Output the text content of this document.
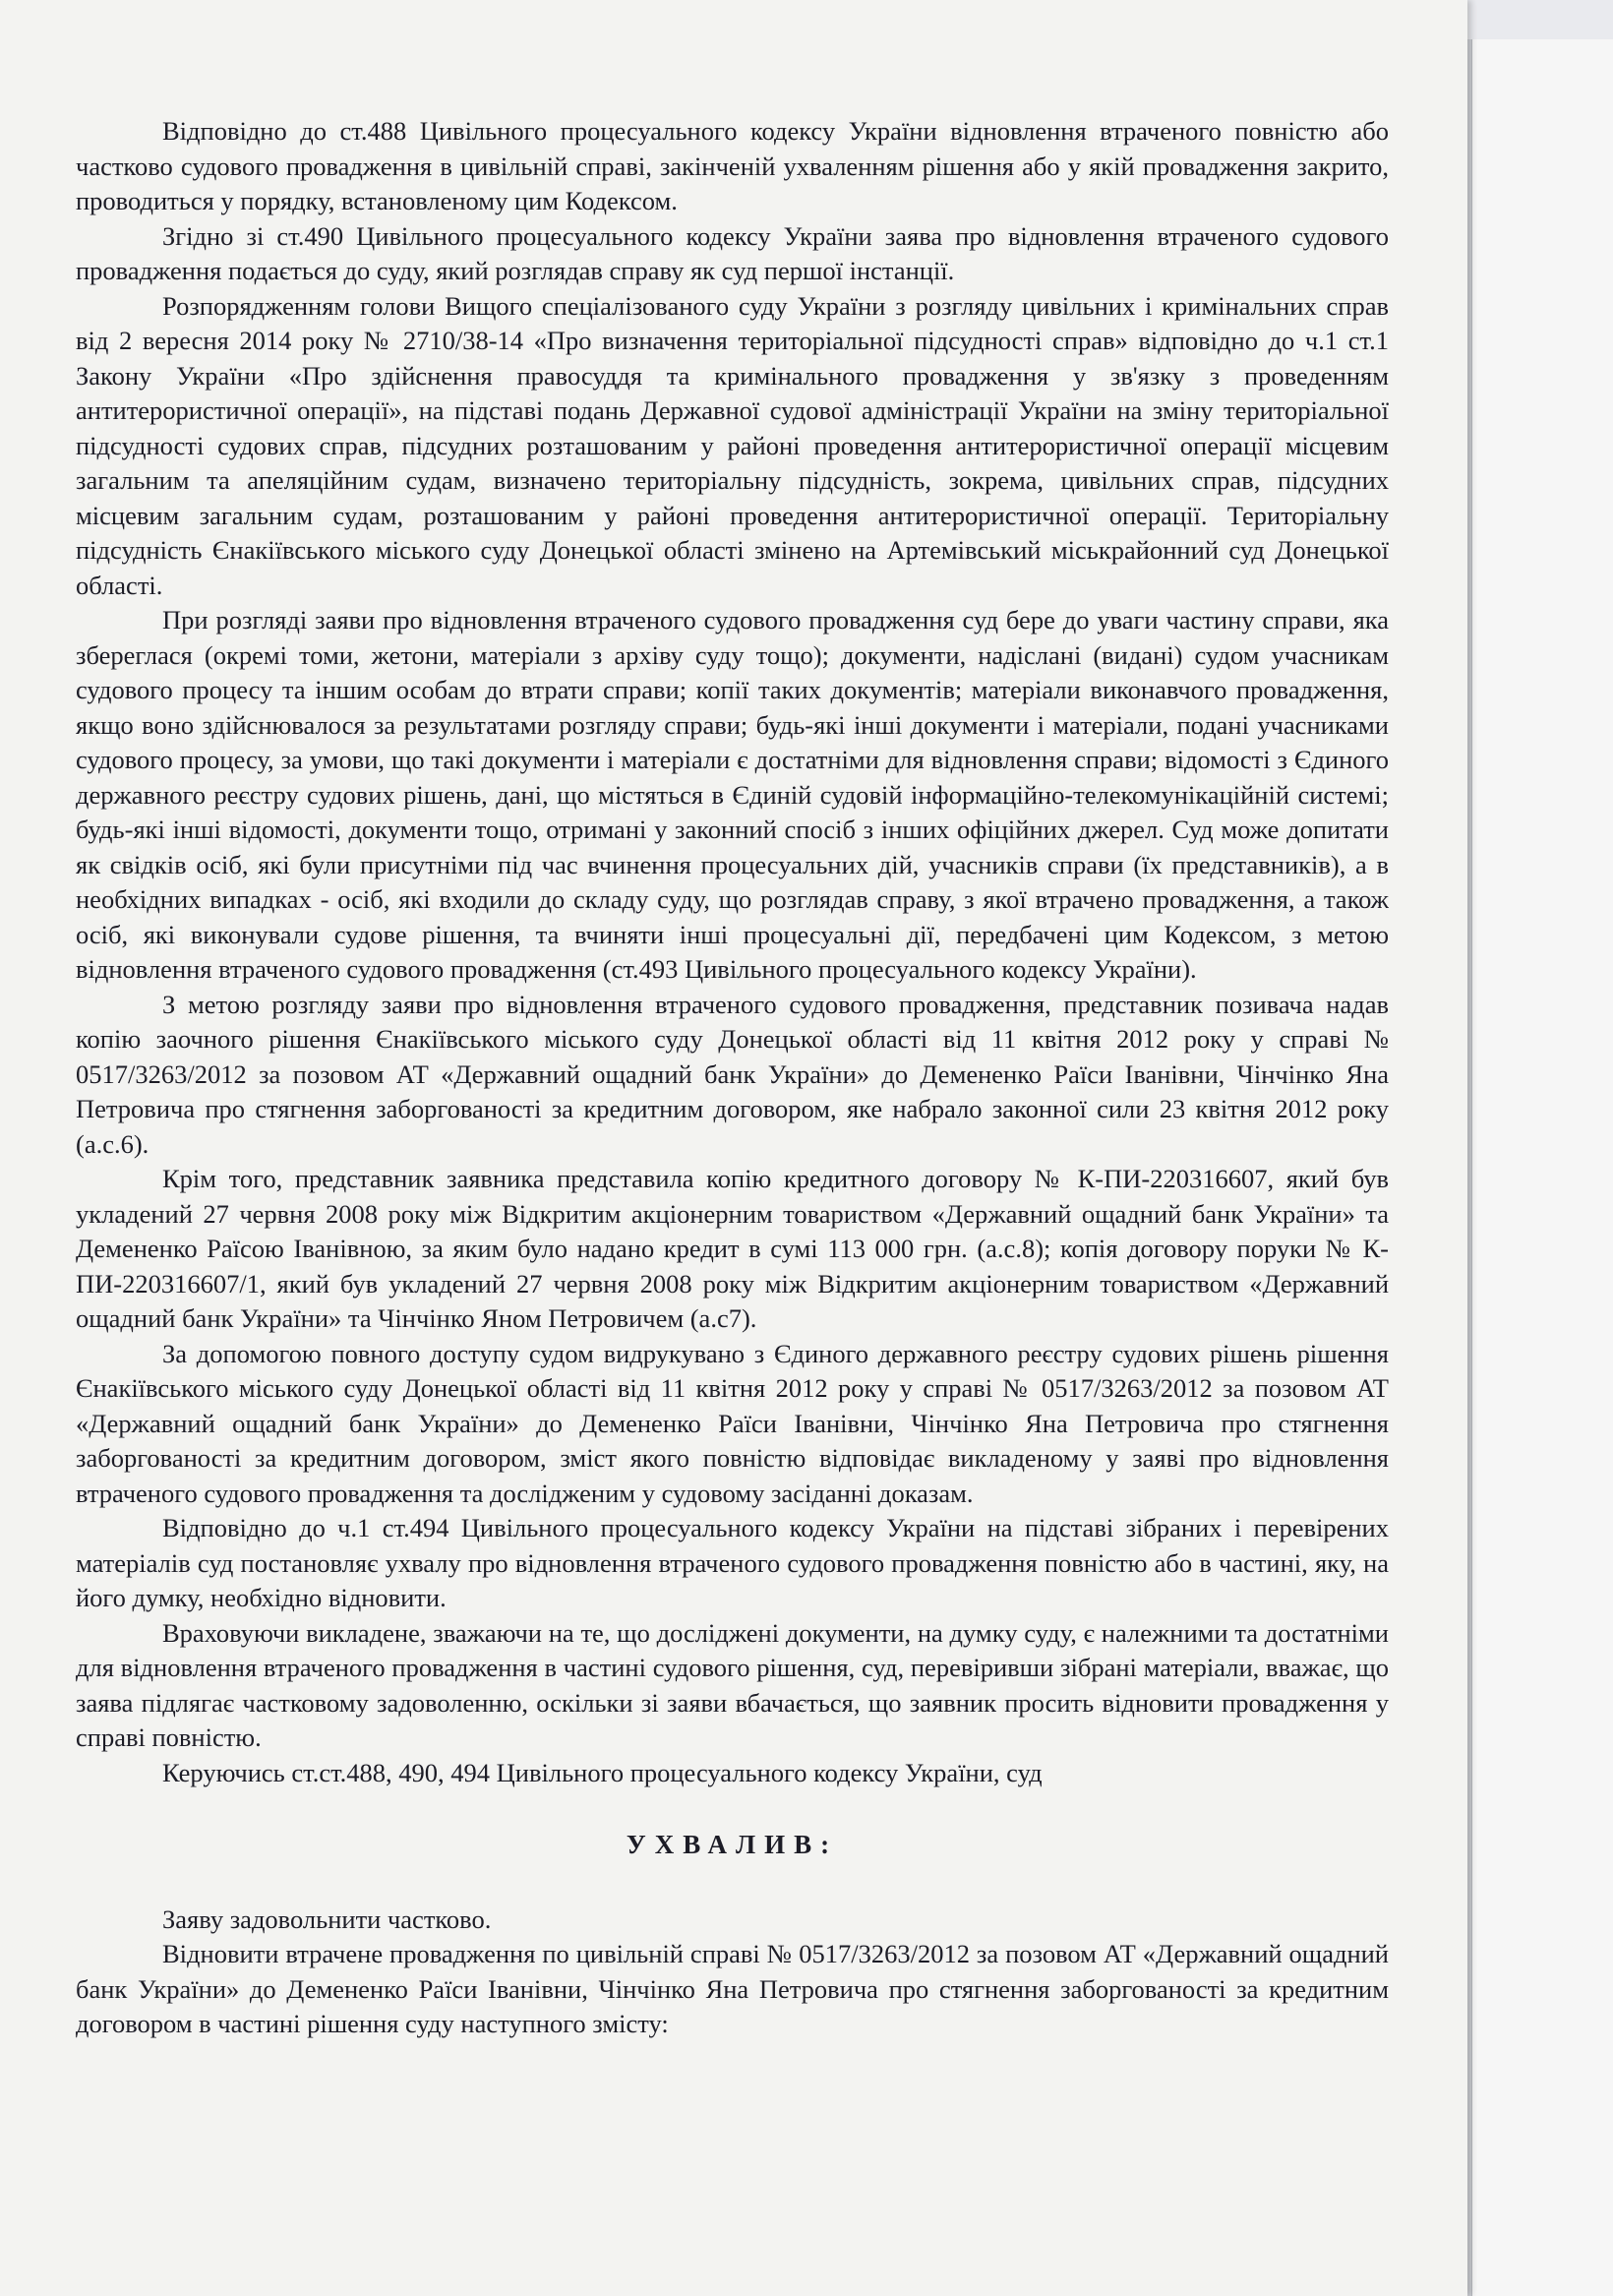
Відповідно до ст.488 Цивільного процесуального кодексу України відновлення втраченого повністю або частково судового провадження в цивільній справі, закінченій ухваленням рішення або у якій провадження закрито, проводиться у порядку, встановленому цим Кодексом.

Згідно зі ст.490 Цивільного процесуального кодексу України заява про відновлення втраченого судового провадження подається до суду, який розглядав справу як суд першої інстанції.

Розпорядженням голови Вищого спеціалізованого суду України з розгляду цивільних і кримінальних справ від 2 вересня 2014 року № 2710/38-14 «Про визначення територіальної підсудності справ» відповідно до ч.1 ст.1 Закону України «Про здійснення правосуддя та кримінального провадження у зв'язку з проведенням антитерористичної операції», на підставі подань Державної судової адміністрації України на зміну територіальної підсудності судових справ, підсудних розташованим у районі проведення антитерористичної операції місцевим загальним та апеляційним судам, визначено територіальну підсудність, зокрема, цивільних справ, підсудних місцевим загальним судам, розташованим у районі проведення антитерористичної операції. Територіальну підсудність Єнакіївського міського суду Донецької області змінено на Артемівський міськрайонний суд Донецької області.

При розгляді заяви про відновлення втраченого судового провадження суд бере до уваги частину справи, яка збереглася (окремі томи, жетони, матеріали з архіву суду тощо); документи, надіслані (видані) судом учасникам судового процесу та іншим особам до втрати справи; копії таких документів; матеріали виконавчого провадження, якщо воно здійснювалося за результатами розгляду справи; будь-які інші документи і матеріали, подані учасниками судового процесу, за умови, що такі документи і матеріали є достатніми для відновлення справи; відомості з Єдиного державного реєстру судових рішень, дані, що містяться в Єдиній судовій інформаційно-телекомунікаційній системі; будь-які інші відомості, документи тощо, отримані у законний спосіб з інших офіційних джерел. Суд може допитати як свідків осіб, які були присутніми під час вчинення процесуальних дій, учасників справи (їх представників), а в необхідних випадках - осіб, які входили до складу суду, що розглядав справу, з якої втрачено провадження, а також осіб, які виконували судове рішення, та вчиняти інші процесуальні дії, передбачені цим Кодексом, з метою відновлення втраченого судового провадження (ст.493 Цивільного процесуального кодексу України).

З метою розгляду заяви про відновлення втраченого судового провадження, представник позивача надав копію заочного рішення Єнакіївського міського суду Донецької області від 11 квітня 2012 року у справі № 0517/3263/2012 за позовом АТ «Державний ощадний банк України» до Демененко Раїси Іванівни, Чінчінко Яна Петровича про стягнення заборгованості за кредитним договором, яке набрало законної сили 23 квітня 2012 року (а.с.6).

Крім того, представник заявника представила копію кредитного договору № К-ПИ-220316607, який був укладений 27 червня 2008 року між Відкритим акціонерним товариством «Державний ощадний банк України» та Демененко Раїсою Іванівною, за яким було надано кредит в сумі 113 000 грн. (а.с.8); копія договору поруки № К-ПИ-220316607/1, який був укладений 27 червня 2008 року між Відкритим акціонерним товариством «Державний ощадний банк України» та Чінчінко Яном Петровичем (а.с7).

За допомогою повного доступу судом видрукувано з Єдиного державного реєстру судових рішень рішення Єнакіївського міського суду Донецької області від 11 квітня 2012 року у справі № 0517/3263/2012 за позовом АТ «Державний ощадний банк України» до Демененко Раїси Іванівни, Чінчінко Яна Петровича про стягнення заборгованості за кредитним договором, зміст якого повністю відповідає викладеному у заяві про відновлення втраченого судового провадження та дослідженим у судовому засіданні доказам.

Відповідно до ч.1 ст.494 Цивільного процесуального кодексу України на підставі зібраних і перевірених матеріалів суд постановляє ухвалу про відновлення втраченого судового провадження повністю або в частині, яку, на його думку, необхідно відновити.

Враховуючи викладене, зважаючи на те, що досліджені документи, на думку суду, є належними та достатніми для відновлення втраченого провадження в частині судового рішення, суд, перевіривши зібрані матеріали, вважає, що заява підлягає частковому задоволенню, оскільки зі заяви вбачається, що заявник просить відновити провадження у справі повністю.

Керуючись ст.ст.488, 490, 494 Цивільного процесуального кодексу України, суд

УХВАЛИВ:

Заяву задовольнити частково.

Відновити втрачене провадження по цивільній справі № 0517/3263/2012 за позовом АТ «Державний ощадний банк України» до Демененко Раїси Іванівни, Чінчінко Яна Петровича про стягнення заборгованості за кредитним договором в частині рішення суду наступного змісту:
